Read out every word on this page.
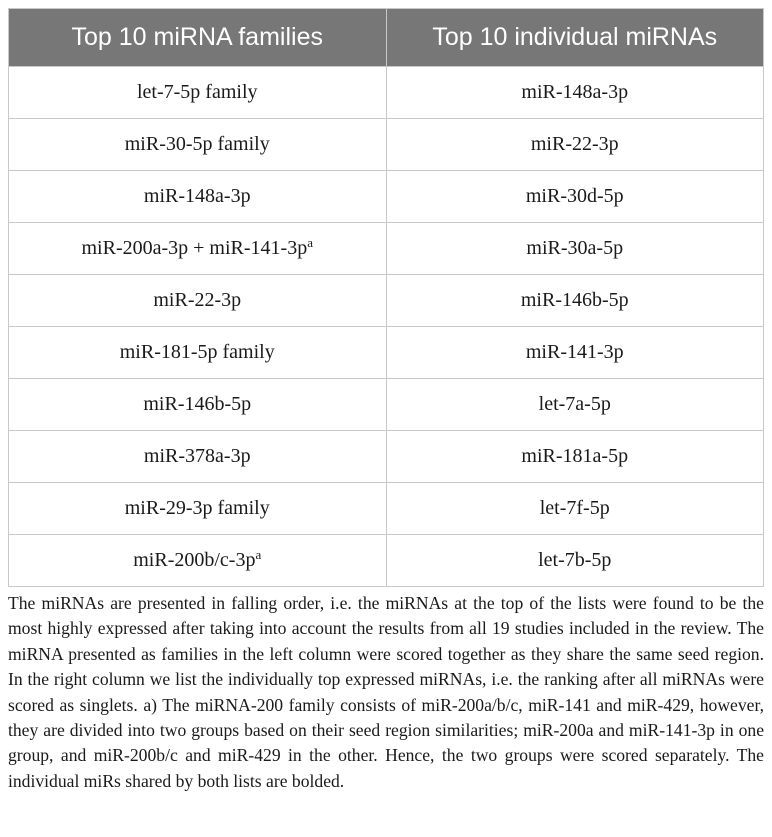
Top 10 miRNA families	Top 10 individual miRNAs
let-7-5p family	miR-148a-3p
miR-30-5p family	miR-22-3p
miR-148a-3p	miR-30d-5p
miR-200a-3p + miR-$141-3p^a$	miR-30a-5p
miR-22-3p	miR-146b-5p
miR-181-5p family	miR-141-3p
miR-146b-5p	let-7a-5p
miR-378a-3p	miR-181a-5p
miR-29-3p family	let-7f-5p
miR-$200b/c-3p^a$	let-7b-5p

The miRNAs are presented in falling order, i.e. the miRNAs at the top of the lists were found to be the most highly expressed after taking into account the results from all 19 studies included in the review. The miRNA presented as families in the left column were scored together as they share the same seed region. In the right column we list the individually top expressed miRNAs, i.e. the ranking after all miRNAs were scored as singlets. a) The miRNA-200 family consists of miR-200a/b/c, miR-141 and miR-429, however, they are divided into two groups based on their seed region similarities; miR-200a and miR-141-3p in one group, and miR-200b/c and miR-429 in the other. Hence, the two groups were scored separately. The individual miRs shared by both lists are bolded.
